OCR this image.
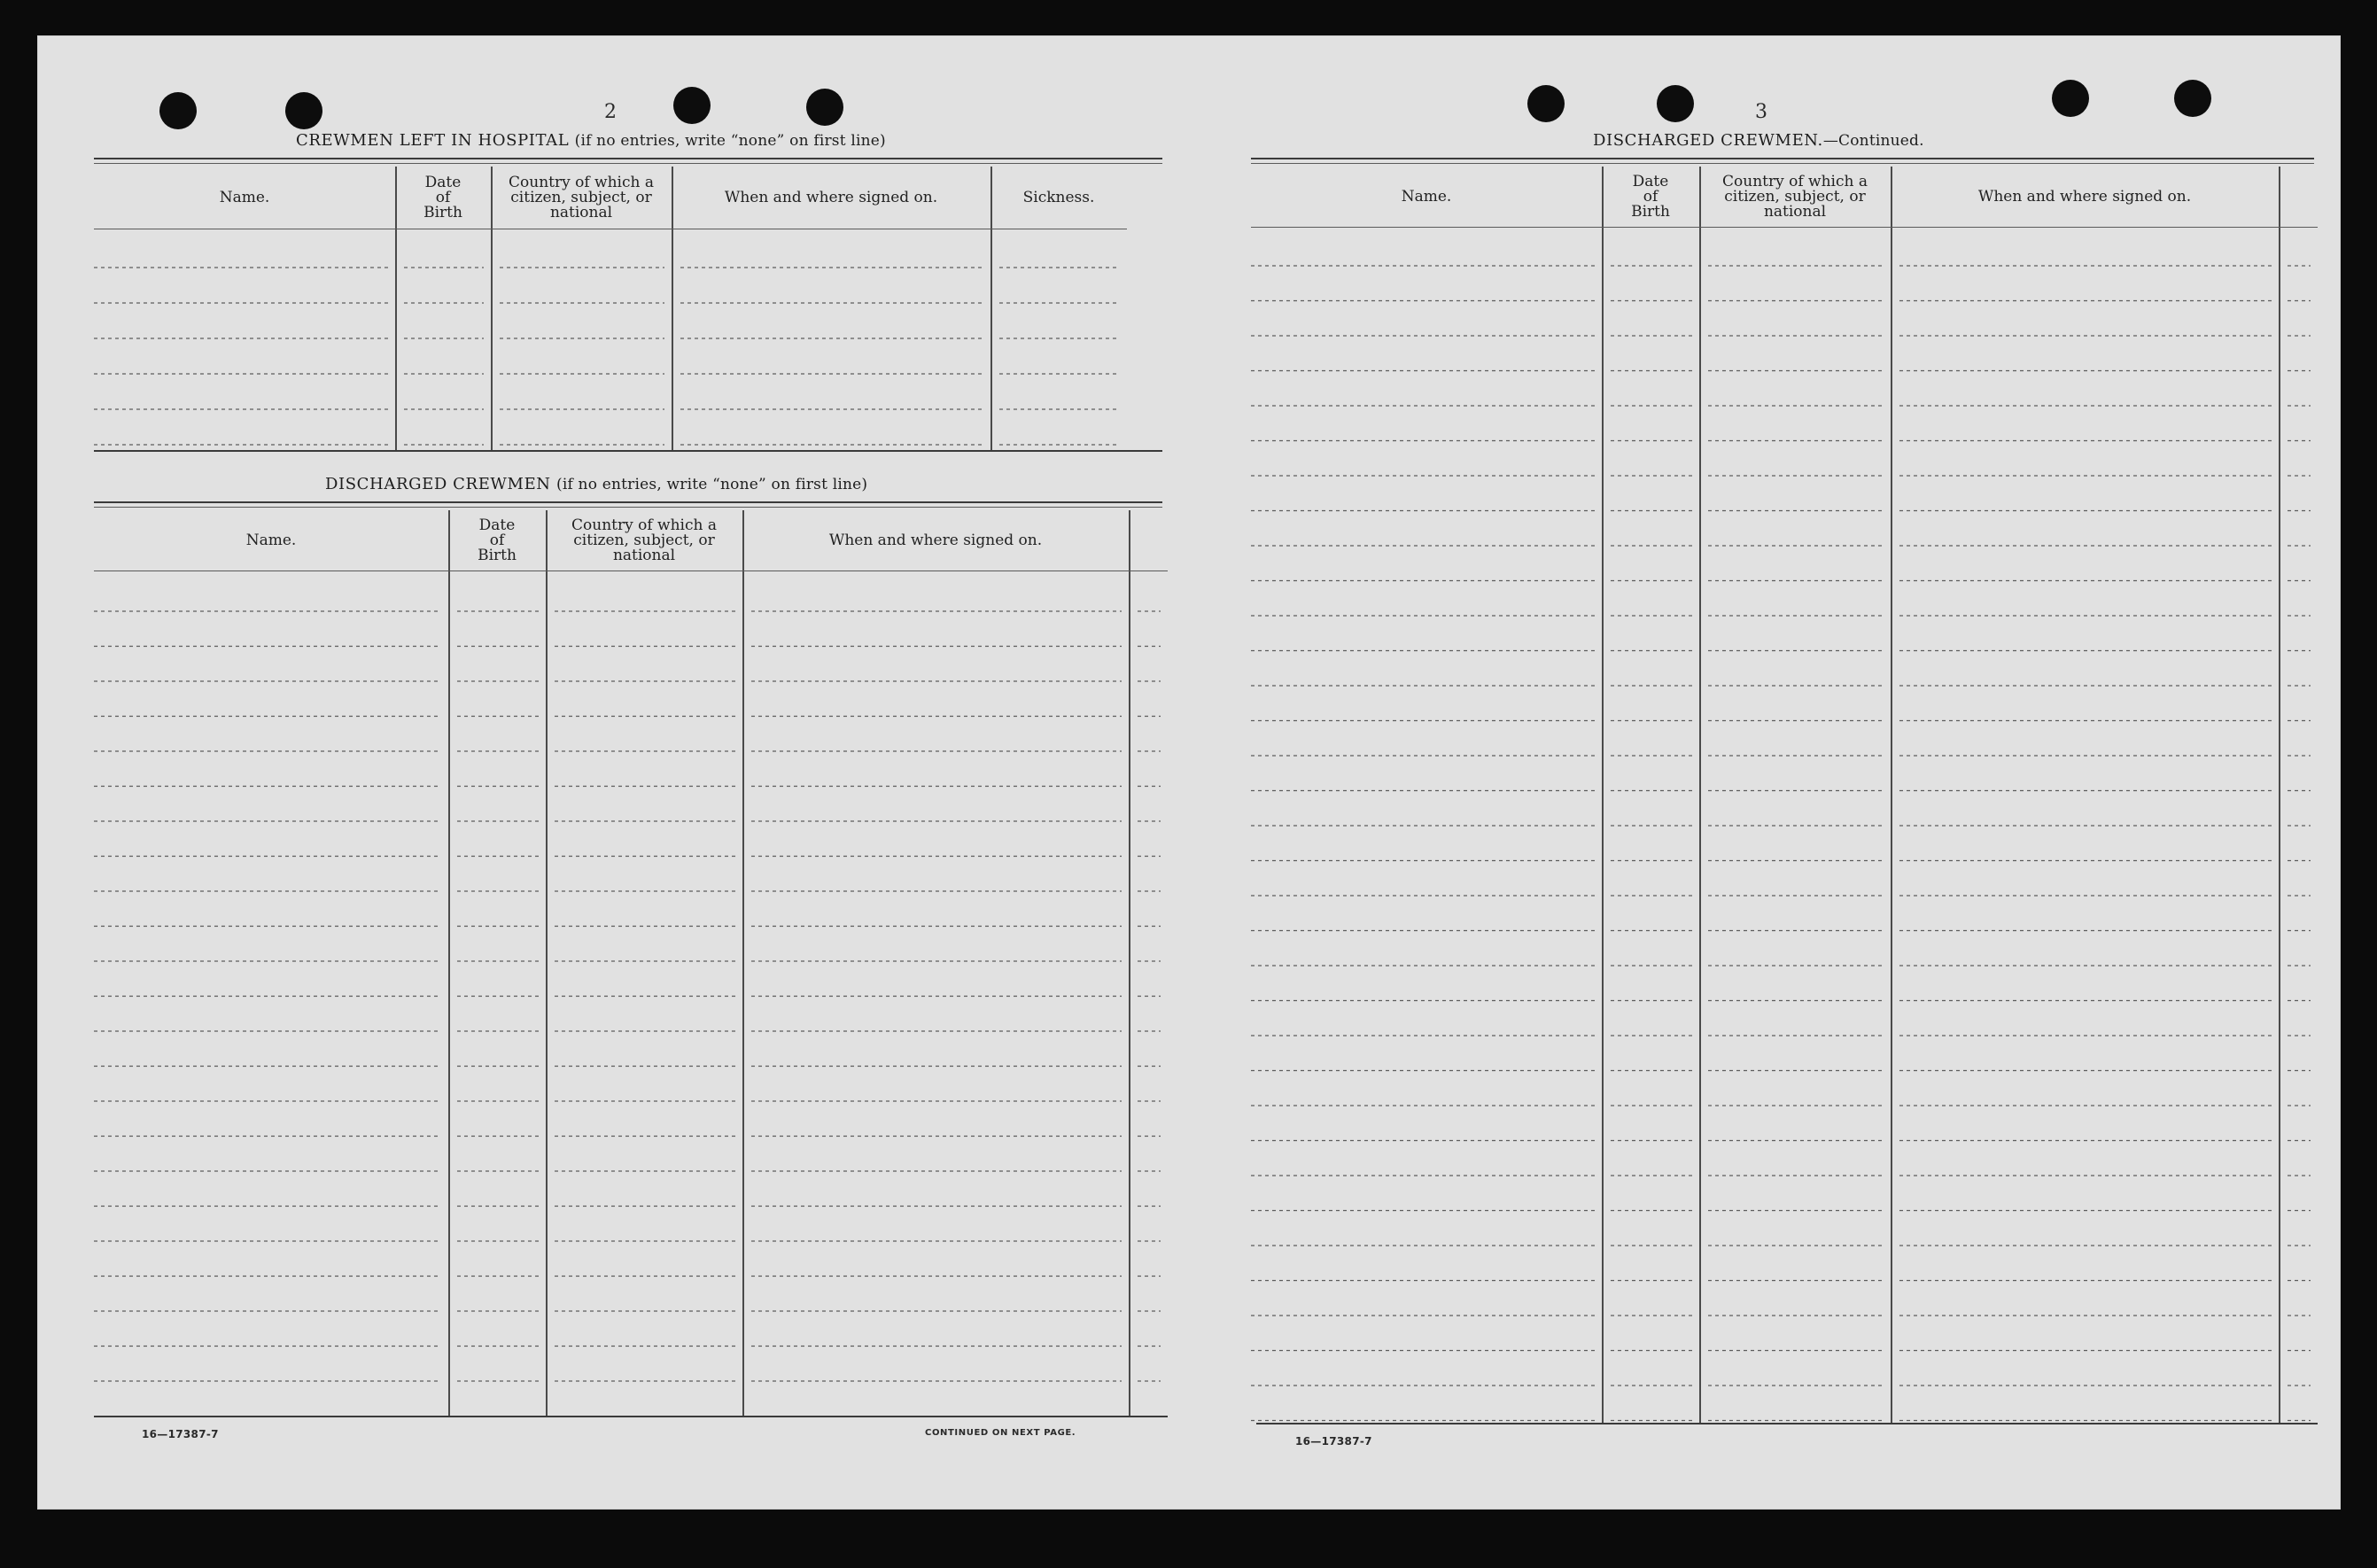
2
CREWMEN LEFT IN HOSPITAL (if no entries, write “none” on first line)
DISCHARGED CREWMEN (if no entries, write “none” on first line)
16—17387-7	CONTINUED ON NEXT PAGE.
3
DISCHARGED CREWMEN.—Continued.
16—17387-7
Name.
Date
of
Birth
Country of which a
citizen, subject, or
national
When and where signed on.	Sickness.
Name.
Date
of
Birth
Country of which a
citizen, subject, or
national
When and where signed on.
Name.
Date
of
Birth
Country of which a
citizen, subject, or
national
When and where signed on.
